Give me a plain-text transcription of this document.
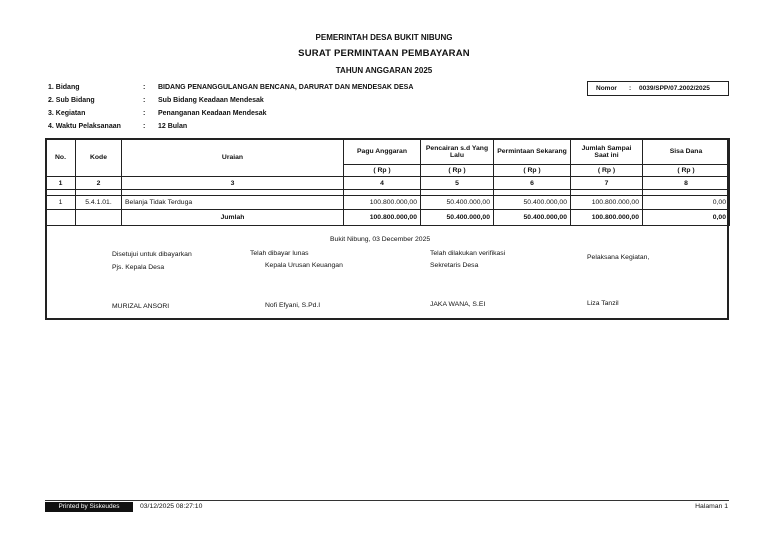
PEMERINTAH DESA BUKIT NIBUNG
SURAT PERMINTAAN PEMBAYARAN
TAHUN ANGGARAN 2025
1. Bidang	: BIDANG PENANGGULANGAN BENCANA, DARURAT DAN MENDESAK DESA
2. Sub Bidang	: Sub Bidang Keadaan Mendesak
3. Kegiatan	: Penanganan Keadaan Mendesak
4. Waktu Pelaksanaan	: 12 Bulan
Nomor : 0039/SPP/07.2002/2025
No.	Kode	Uraian	Pagu Anggaran	Pencairan s.d Yang Lalu	Permintaan Sekarang	Jumlah Sampai Saat ini	Sisa Dana
			( Rp )	( Rp )	( Rp )	( Rp )	( Rp )
1	2	3	4	5	6	7	8

1	5.4.1.01.	Belanja Tidak Terduga	100.800.000,00	50.400.000,00	50.400.000,00	100.800.000,00	0,00
		Jumlah	100.800.000,00	50.400.000,00	50.400.000,00	100.800.000,00	0,00
Bukit Nibung, 03 December 2025
Disetujui untuk dibayarkan
Pjs. Kepala Desa
MURIZAL ANSORI
Telah dibayar lunas
Kepala Urusan Keuangan
Nofi Efyani, S.Pd.I
Telah dilakukan verifikasi
Sekretaris Desa
JAKA WANA, S.EI
Pelaksana Kegiatan,
Liza Tanzil
Printed by Siskeudes	03/12/2025 08:27:10	Halaman 1
